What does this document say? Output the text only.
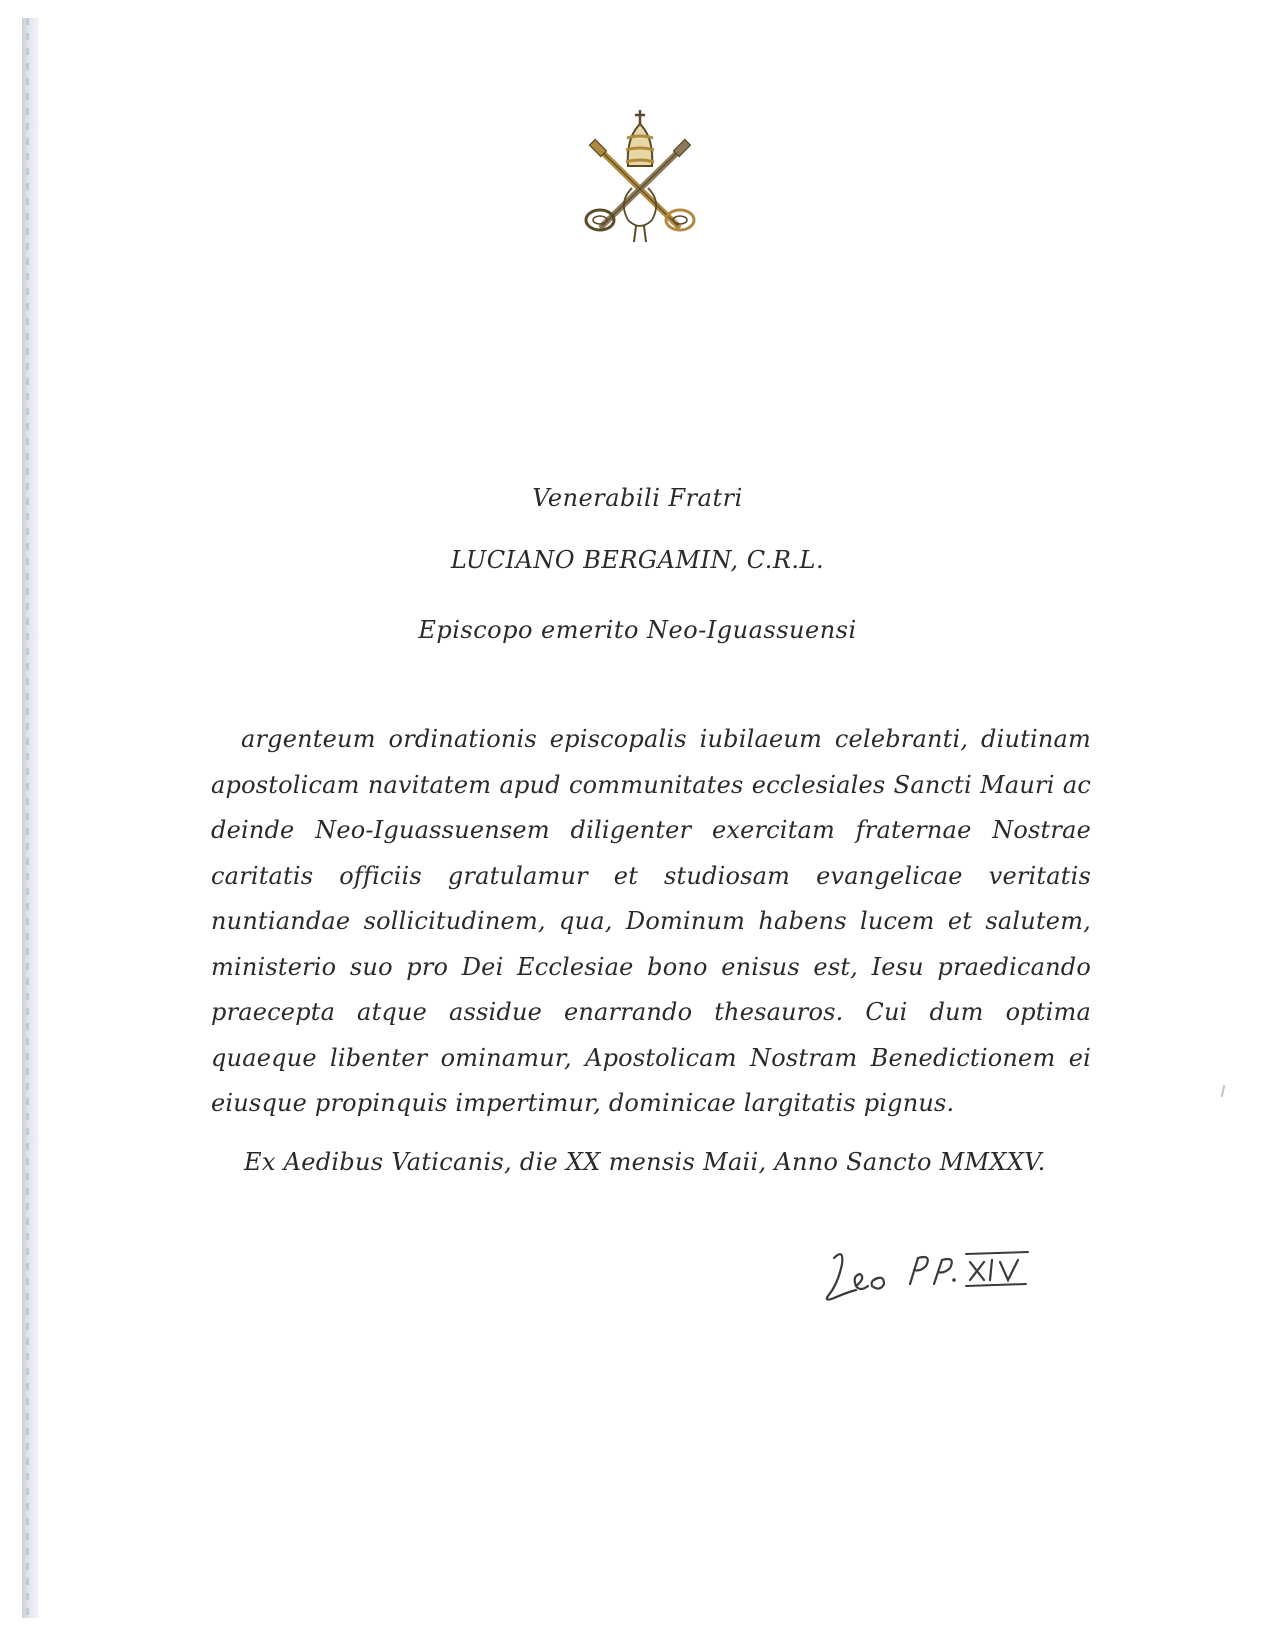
Venerabili Fratri

LUCIANO BERGAMIN, C.R.L.

Episcopo emerito Neo-Iguassuensi

argenteum ordinationis episcopalis iubilaeum celebranti, diutinam apostolicam navitatem apud communitates ecclesiales Sancti Mauri ac deinde Neo-Iguassuensem diligenter exercitam fraternae Nostrae caritatis officiis gratulamur et studiosam evangelicae veritatis nuntiandae sollicitudinem, qua, Dominum habens lucem et salutem, ministerio suo pro Dei Ecclesiae bono enisus est, Iesu praedicando praecepta atque assidue enarrando thesauros. Cui dum optima quaeque libenter ominamur, Apostolicam Nostram Benedictionem ei eiusque propinquis impertimur, dominicae largitatis pignus.

Ex Aedibus Vaticanis, die XX mensis Maii, Anno Sancto MMXXV.
